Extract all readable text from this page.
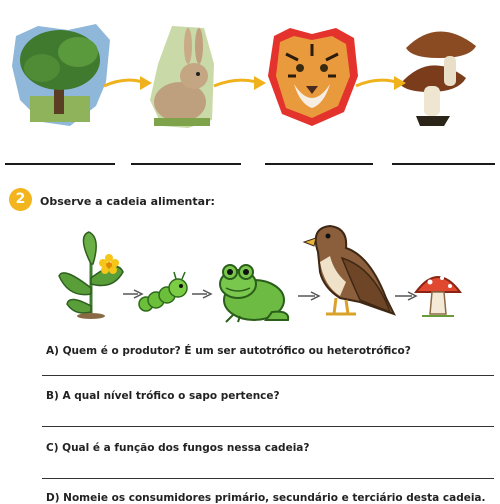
2	Observe a cadeia alimentar:
A) Quem é o produtor? É um ser autotrófico ou heterotrófico?
B) A qual nível trófico o sapo pertence?
C) Qual é a função dos fungos nessa cadeia?
D) Nomeie os consumidores primário, secundário e terciário desta cadeia.
